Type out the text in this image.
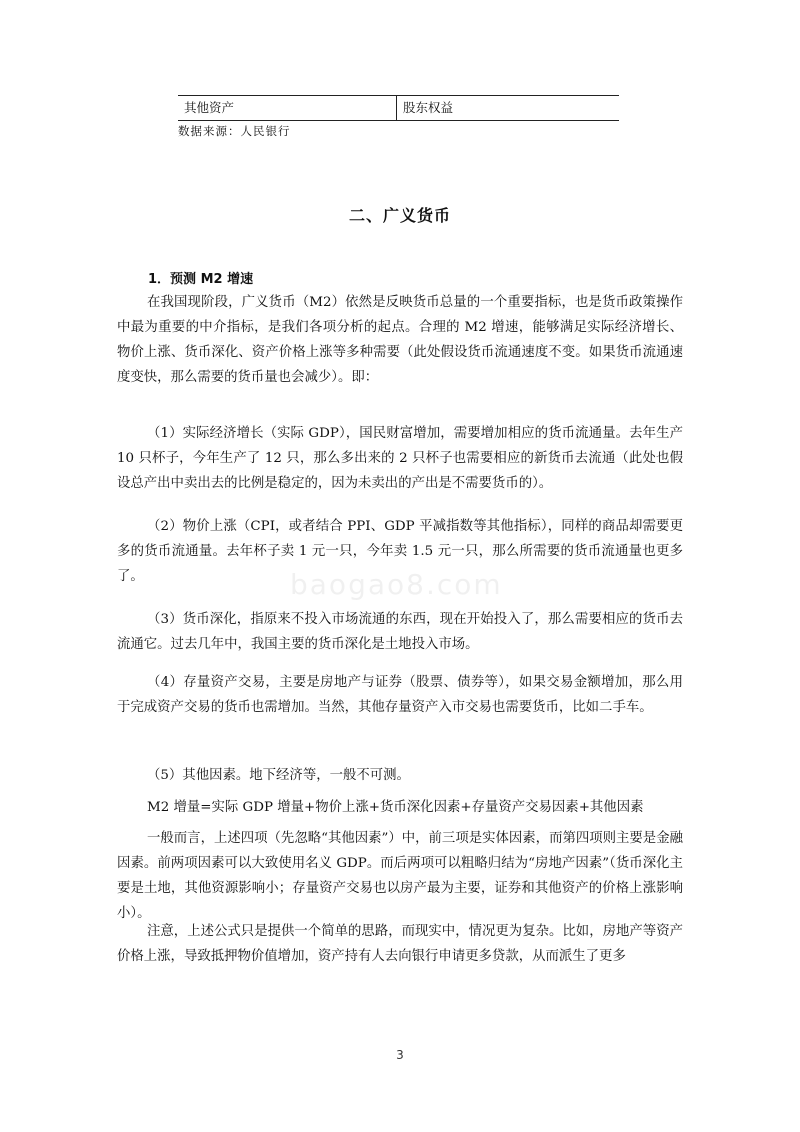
其他资产	股东权益
数据来源：人民银行
二、广义货币
1．预测 M2 增速

在我国现阶段，广义货币（M2）依然是反映货币总量的一个重要指标，也是货币政策操作中最为重要的中介指标，是我们各项分析的起点。合理的 M2 增速，能够满足实际经济增长、物价上涨、货币深化、资产价格上涨等多种需要（此处假设货币流通速度不变。如果货币流通速度变快，那么需要的货币量也会减少）。即：

（1）实际经济增长（实际 GDP），国民财富增加，需要增加相应的货币流通量。去年生产 10 只杯子，今年生产了 12 只，那么多出来的 2 只杯子也需要相应的新货币去流通（此处也假设总产出中卖出去的比例是稳定的，因为未卖出的产出是不需要货币的）。

（2）物价上涨（CPI，或者结合 PPI、GDP 平减指数等其他指标），同样的商品却需要更多的货币流通量。去年杯子卖 1 元一只，今年卖 1.5 元一只，那么所需要的货币流通量也更多了。

（3）货币深化，指原来不投入市场流通的东西，现在开始投入了，那么需要相应的货币去流通它。过去几年中，我国主要的货币深化是土地投入市场。

（4）存量资产交易，主要是房地产与证券（股票、债券等），如果交易金额增加，那么用于完成资产交易的货币也需增加。当然，其他存量资产入市交易也需要货币，比如二手车。

（5）其他因素。地下经济等，一般不可测。

M2 增量=实际 GDP 增量+物价上涨+货币深化因素+存量资产交易因素+其他因素

一般而言，上述四项（先忽略“其他因素”）中，前三项是实体因素，而第四项则主要是金融因素。前两项因素可以大致使用名义 GDP。而后两项可以粗略归结为“房地产因素”（货币深化主要是土地，其他资源影响小；存量资产交易也以房产最为主要，证券和其他资产的价格上涨影响小）。

注意，上述公式只是提供一个简单的思路，而现实中，情况更为复杂。比如，房地产等资产价格上涨，导致抵押物价值增加，资产持有人去向银行申请更多贷款，从而派生了更多

baogao8.com
3
